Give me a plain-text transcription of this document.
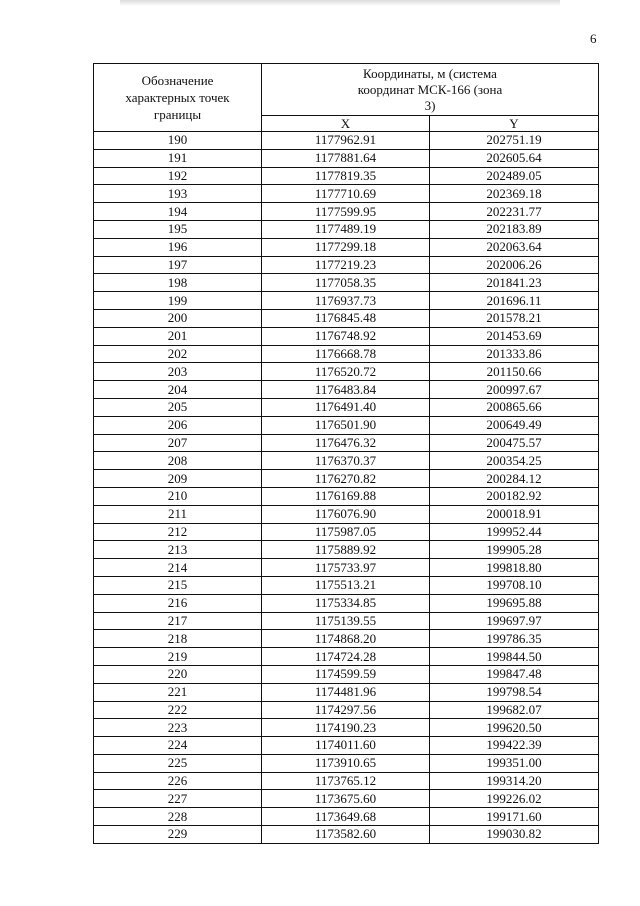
6
Обозначение характерных точек границы	Координаты, м (система координат МСК-166 (зона 3)	

	X	Y
190	1177962.91	202751.19
191	1177881.64	202605.64
192	1177819.35	202489.05
193	1177710.69	202369.18
194	1177599.95	202231.77
195	1177489.19	202183.89
196	1177299.18	202063.64
197	1177219.23	202006.26
198	1177058.35	201841.23
199	1176937.73	201696.11
200	1176845.48	201578.21
201	1176748.92	201453.69
202	1176668.78	201333.86
203	1176520.72	201150.66
204	1176483.84	200997.67
205	1176491.40	200865.66
206	1176501.90	200649.49
207	1176476.32	200475.57
208	1176370.37	200354.25
209	1176270.82	200284.12
210	1176169.88	200182.92
211	1176076.90	200018.91
212	1175987.05	199952.44
213	1175889.92	199905.28
214	1175733.97	199818.80
215	1175513.21	199708.10
216	1175334.85	199695.88
217	1175139.55	199697.97
218	1174868.20	199786.35
219	1174724.28	199844.50
220	1174599.59	199847.48
221	1174481.96	199798.54
222	1174297.56	199682.07
223	1174190.23	199620.50
224	1174011.60	199422.39
225	1173910.65	199351.00
226	1173765.12	199314.20
227	1173675.60	199226.02
228	1173649.68	199171.60
229	1173582.60	199030.82
